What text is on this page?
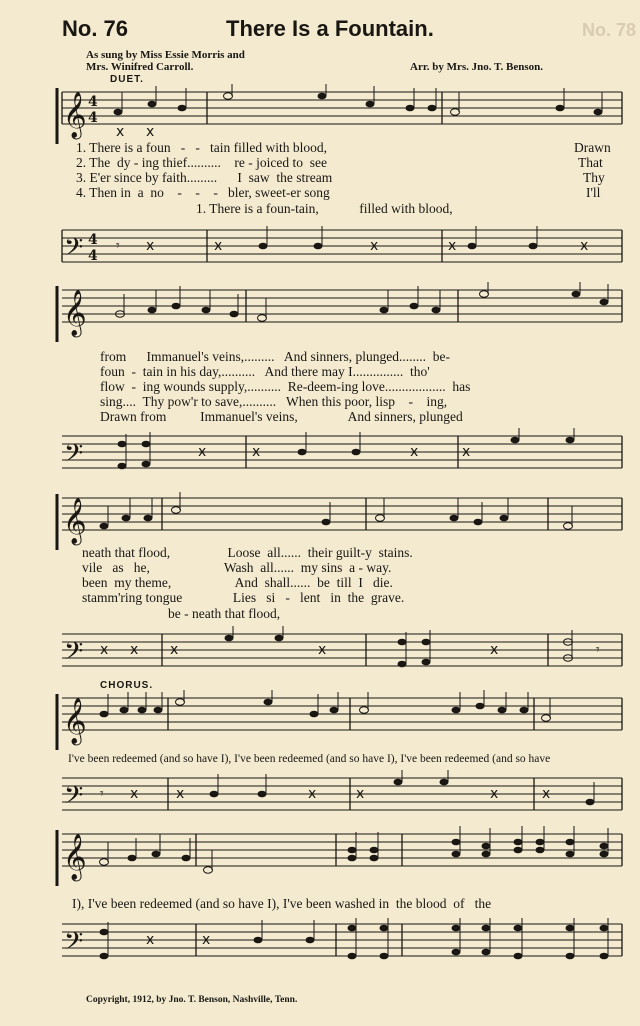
No. 76	There Is a Fountain.
As sung by Miss Essie Morris and
Mrs. Winifred Carroll.	Arr. by Mrs. Jno. T. Benson.
No. 78
DUET.
𝄞 4
4
x x
1. There is a foun   -   -   tain filled with blood,	Drawn
2. The  dy - ing thief..........    re - joiced to  see	That
3. E'er since by faith.........      I  saw  the stream	Thy
4. Then in  a  no    -    -    -   bler, sweet-er song	I'll
1. There is a foun-tain,            filled with blood,
𝄢 4
4
𝄾 x	x	x	x	x
𝄞
from      Immanuel's veins,.........   And sinners, plunged........  be-
foun  -  tain in his day,..........   And there may I...............  tho'
flow  -  ing wounds supply,..........  Re-deem-ing love..................  has
sing....  Thy pow'r to save,..........   When this poor, lisp    -    ing,
Drawn from          Immanuel's veins,               And sinners, plunged
𝄢	x	x	x	x
𝄞
neath that flood,                 Loose  all......  their guilt-y  stains.
vile   as   he,                      Wash  all......  my sins  a - way.
been  my theme,                   And  shall......  be  till  I   die.
stamm'ring tongue               Lies   si   -   lent   in  the  grave.
be - neath that flood,
𝄢 x x x	x	x	𝄾
CHORUS.
𝄞
I've been redeemed (and so have I), I've been redeemed (and so have I), I've been redeemed (and so have
𝄢 𝄾 x	x	x	x	x	x
𝄞
I), I've been redeemed (and so have I), I've been washed in  the blood  of   the
𝄢	x	x
Copyright, 1912, by Jno. T. Benson, Nashville, Tenn.
